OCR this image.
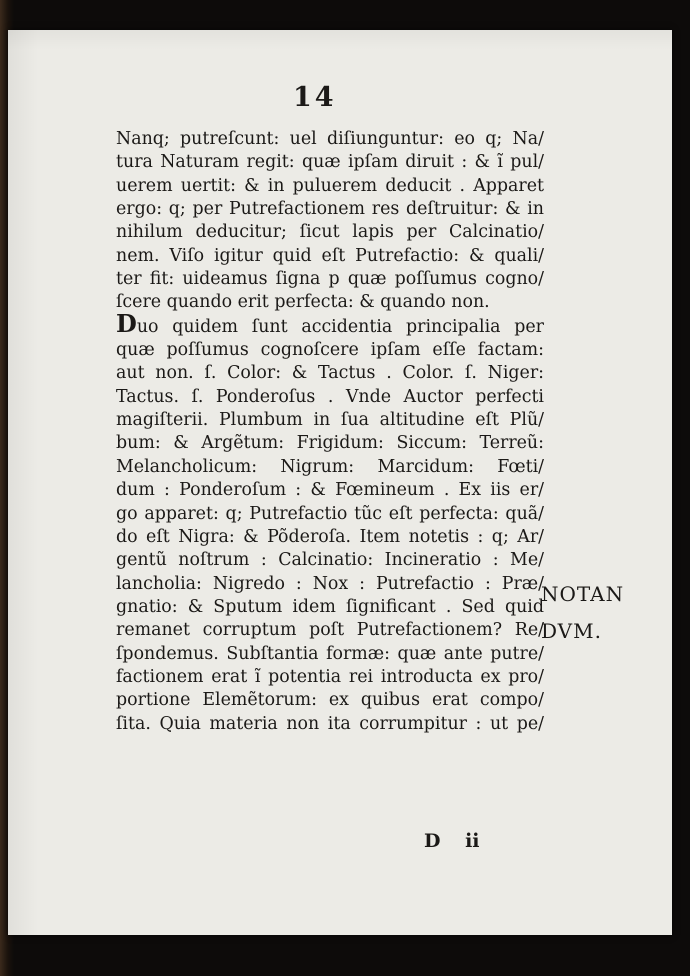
14
Nanq; putreſcunt: uel diſiunguntur: eo q; Na/
tura Naturam regit: quæ ipſam diruit : & ĩ pul/
uerem uertit: & in puluerem deducit . Apparet
ergo: q; per Putrefactionem res deſtruitur: & in
nihilum deducitur; ſicut lapis per Calcinatio/
nem. Viſo igitur quid eſt Putrefactio: & quali/
ter fit: uideamus ſigna p quæ poſſumus cogno/
ſcere quando erit perfecta: & quando non.
Duo quidem ſunt accidentia principalia per
quæ poſſumus cognoſcere ipſam eſſe factam:
aut non. ſ. Color: & Tactus . Color. ſ. Niger:
Tactus. ſ. Ponderoſus . Vnde Auctor perfecti
magiſterii. Plumbum in ſua altitudine eſt Plũ/
bum: & Argẽtum: Frigidum: Siccum: Terreũ:
Melancholicum: Nigrum: Marcidum: Fœti/
dum : Ponderoſum : & Fœmineum . Ex iis er/
go apparet: q; Putrefactio tũc eſt perfecta: quã/
do eſt Nigra: & Põderoſa. Item notetis : q; Ar/
gentũ noſtrum : Calcinatio: Incineratio : Me/
lancholia: Nigredo : Nox : Putrefactio : Præ/
gnatio: & Sputum idem ſignificant . Sed quid
remanet corruptum poſt Putrefactionem? Re/
ſpondemus. Subſtantia formæ: quæ ante putre/
factionem erat ĩ potentia rei introducta ex pro/
portione Elemẽtorum: ex quibus erat compo/
ſita. Quia materia non ita corrumpitur : ut pe/
NOTAN
DVM.
D ii
